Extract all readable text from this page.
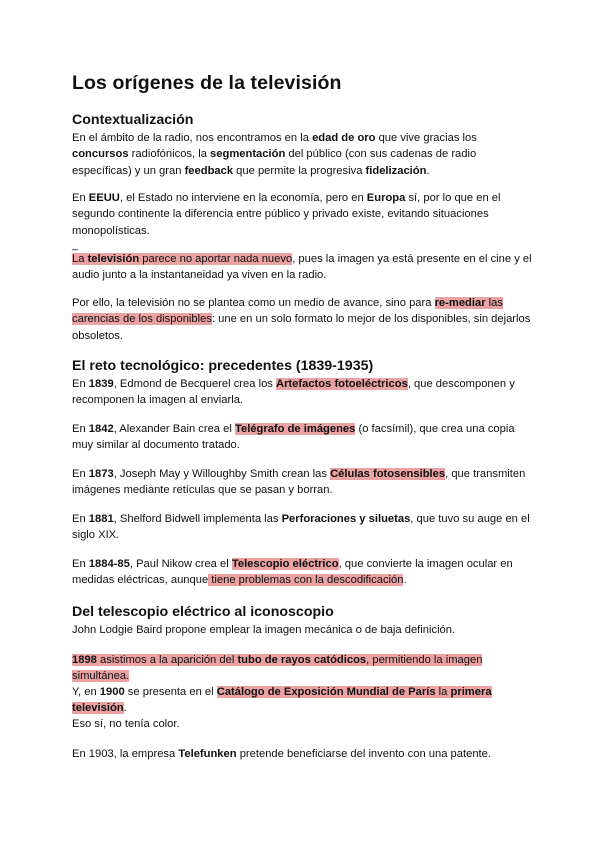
Los orígenes de la televisión
Contextualización

En el ámbito de la radio, nos encontramos en la edad de oro que vive gracias los concursos radiofónicos, la segmentación del público (con sus cadenas de radio específicas) y un gran feedback que permite la progresiva fidelización.

En EEUU, el Estado no interviene en la economía, pero en Europa sí, por lo que en el segundo continente la diferencia entre público y privado existe, evitando situaciones monopolísticas.

_

La televisión parece no aportar nada nuevo, pues la imagen ya está presente en el cine y el audio junto a la instantaneidad ya viven en la radio.

Por ello, la televisión no se plantea como un medio de avance, sino para re-mediar las carencias de los disponibles: une en un solo formato lo mejor de los disponibles, sin dejarlos obsoletos.

El reto tecnológico: precedentes (1839-1935)

En 1839, Edmond de Becquerel crea los Artefactos fotoeléctricos, que descomponen y recomponen la imagen al enviarla.

En 1842, Alexander Bain crea el Telégrafo de imágenes (o facsímil), que crea una copia muy similar al documento tratado.

En 1873, Joseph May y Willoughby Smith crean las Células fotosensibles, que transmiten imágenes mediante retículas que se pasan y borran.

En 1881, Shelford Bidwell implementa las Perforaciones y siluetas, que tuvo su auge en el siglo XIX.

En 1884-85, Paul Nikow crea el Telescopio eléctrico, que convierte la imagen ocular en medidas eléctricas, aunque tiene problemas con la descodificación.

Del telescopio eléctrico al iconoscopio

John Lodgie Baird propone emplear la imagen mecánica o de baja definición.

1898 asistimos a la aparición del tubo de rayos catódicos, permitiendo la imagen simultánea.

Y, en 1900 se presenta en el Catálogo de Exposición Mundial de París la primera televisión.

Eso sí, no tenía color.

En 1903, la empresa Telefunken pretende beneficiarse del invento con una patente.
